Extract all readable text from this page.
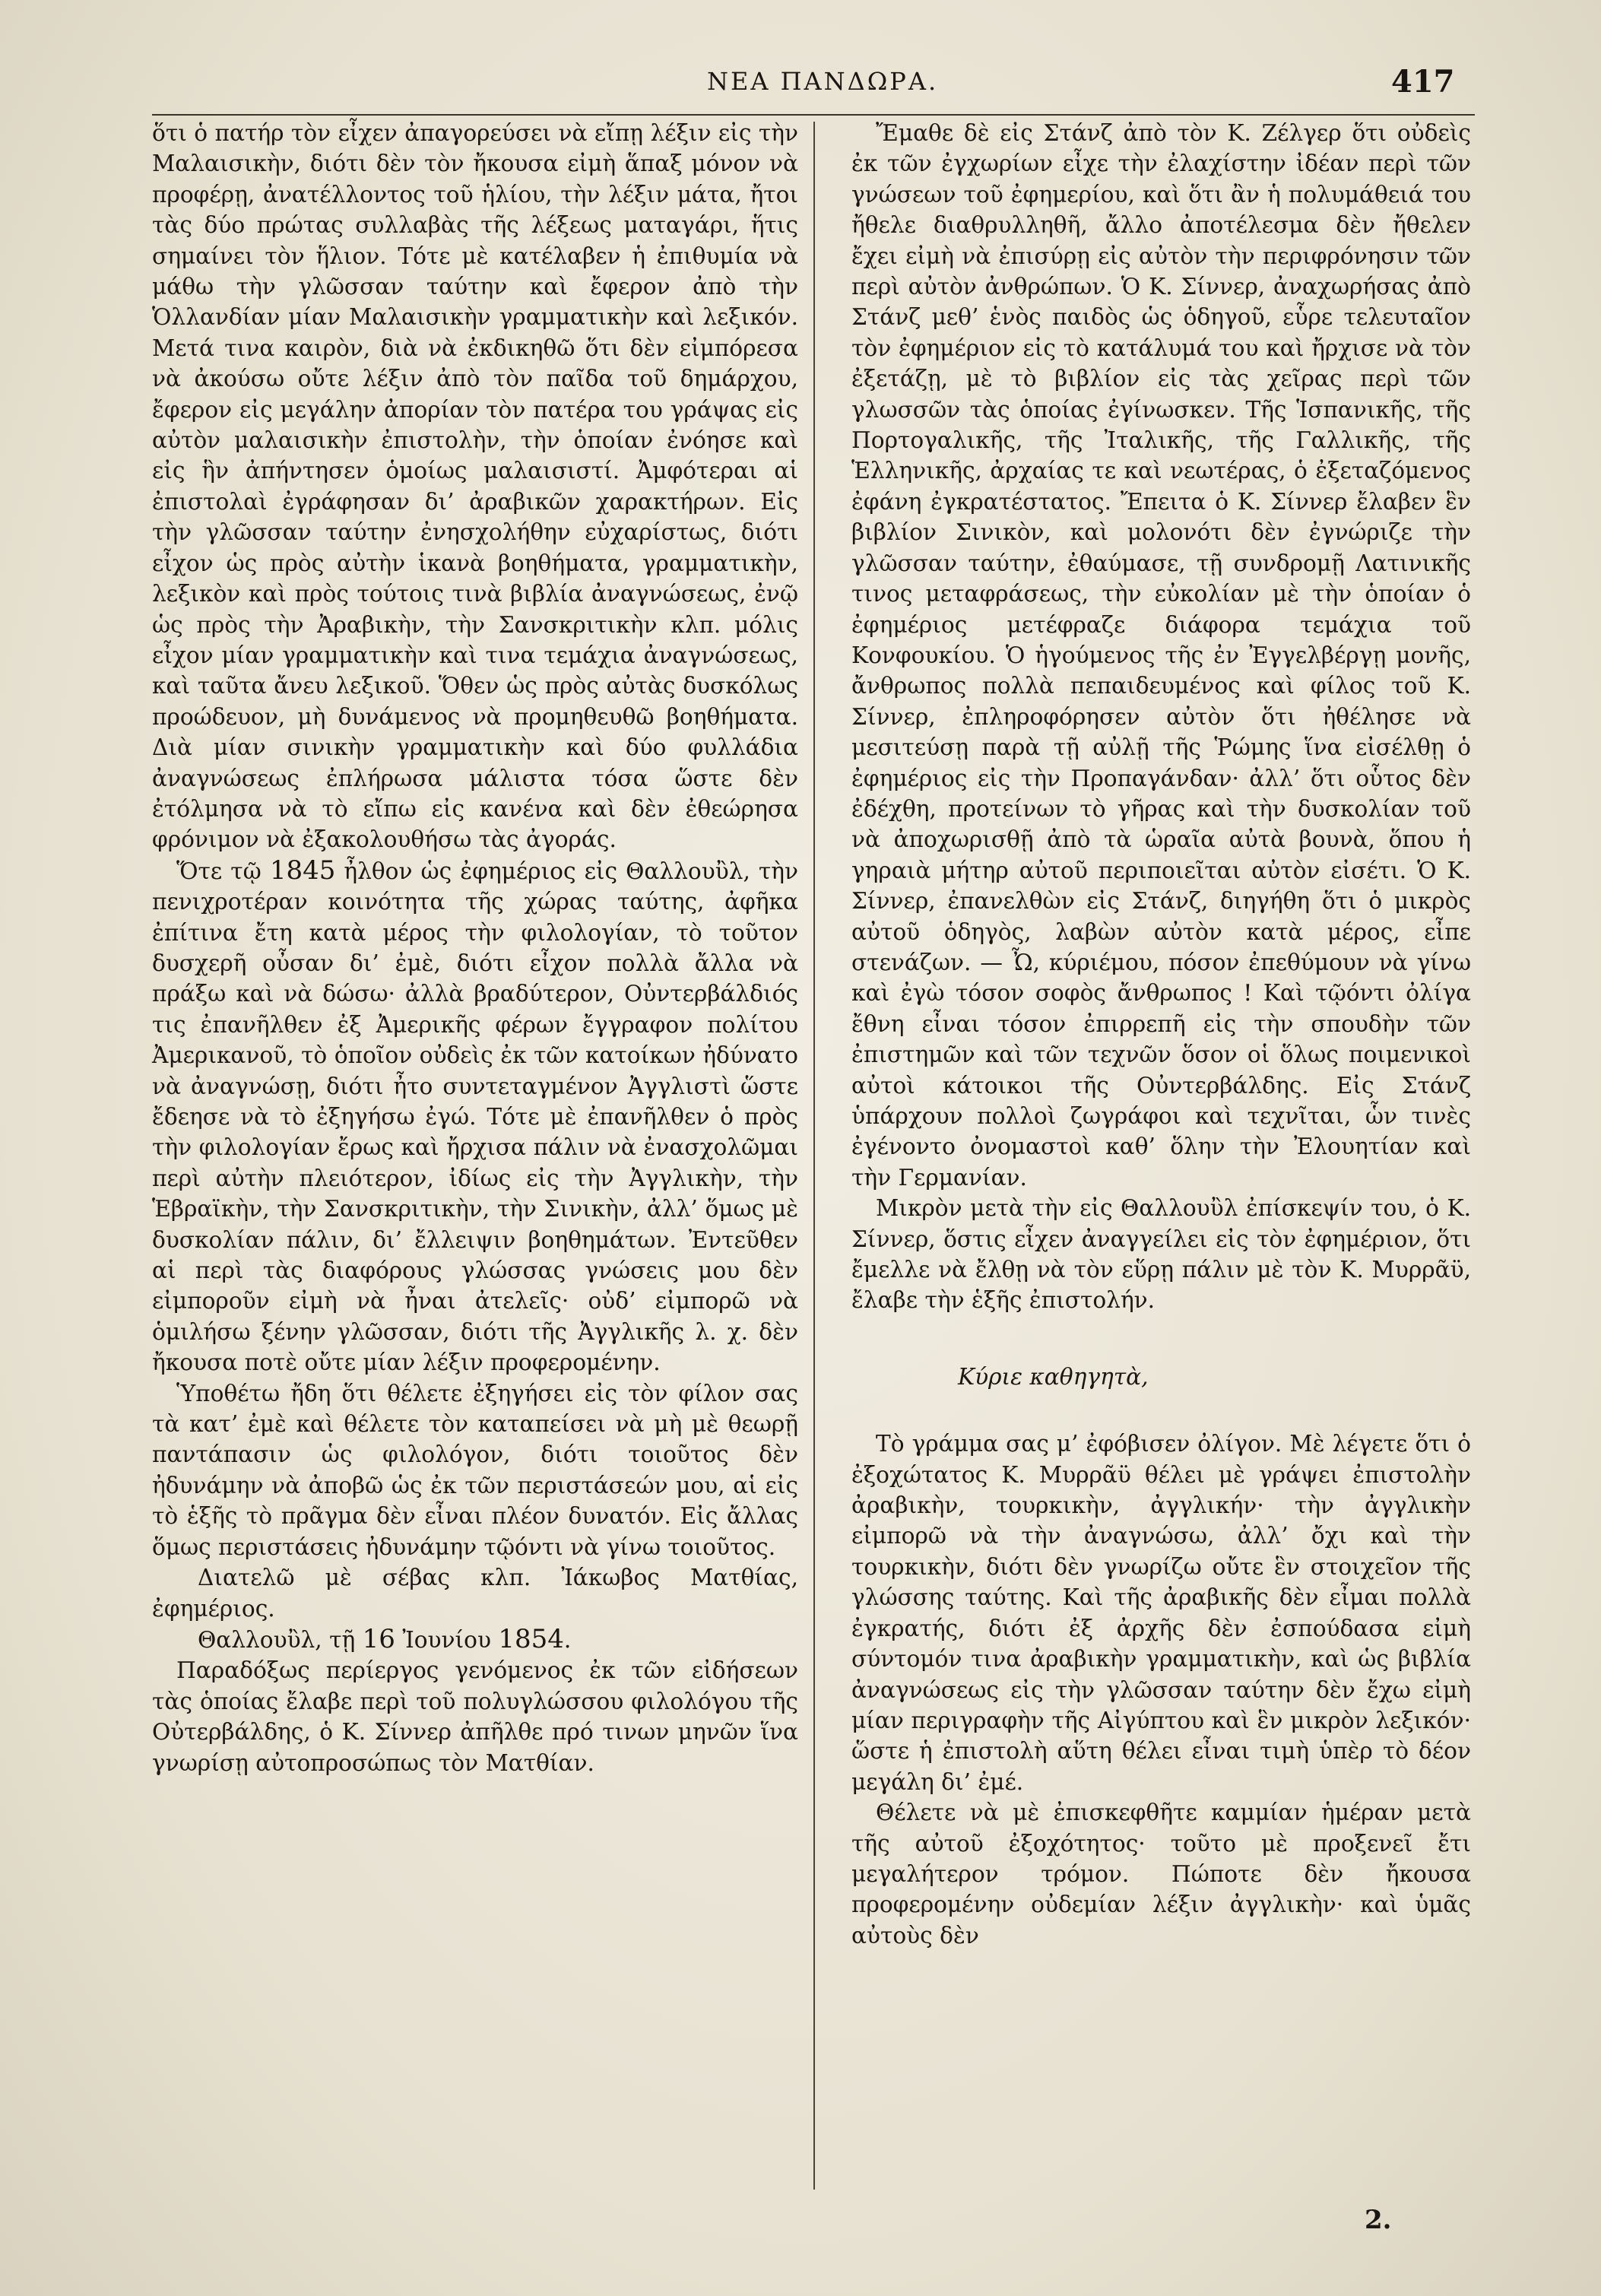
ΝΕΑ ΠΑΝΔΩΡΑ.	417

ὅτι ὁ πατήρ τὸν εἶχεν ἀπαγορεύσει νὰ εἴπῃ λέξιν εἰς τὴν Μαλαισικὴν, διότι δὲν τὸν ἤκουσα εἰμὴ ἅπαξ μόνον νὰ προφέρῃ, ἀνατέλλοντος τοῦ ἡλίου, τὴν λέξιν μάτα, ἤτοι τὰς δύο πρώτας συλλαβὰς τῆς λέξεως ματαγάρι, ἥτις σημαίνει τὸν ἥλιον. Τότε μὲ κατέλαβεν ἡ ἐπιθυμία νὰ μάθω τὴν γλῶσσαν ταύτην καὶ ἔφερον ἀπὸ τὴν Ὁλλανδίαν μίαν Μαλαισικὴν γραμματικὴν καὶ λεξικόν. Μετά τινα καιρὸν, διὰ νὰ ἐκδικηθῶ ὅτι δὲν εἰμπόρεσα νὰ ἀκούσω οὔτε λέξιν ἀπὸ τὸν παῖδα τοῦ δημάρχου, ἔφερον εἰς μεγάλην ἀπορίαν τὸν πατέρα του γράψας εἰς αὐτὸν μαλαισικὴν ἐπιστολὴν, τὴν ὁποίαν ἐνόησε καὶ εἰς ἣν ἀπήντησεν ὁμοίως μαλαισιστί. Ἀμφότεραι αἱ ἐπιστολαὶ ἐγράφησαν δι’ ἀραβικῶν χαρακτήρων. Εἰς τὴν γλῶσσαν ταύτην ἐνησχολήθην εὐχαρίστως, διότι εἶχον ὡς πρὸς αὐτὴν ἱκανὰ βοηθήματα, γραμματικὴν, λεξικὸν καὶ πρὸς τούτοις τινὰ βιβλία ἀναγνώσεως, ἐνῷ ὡς πρὸς τὴν Ἀραβικὴν, τὴν Σανσκριτικὴν κλπ. μόλις εἶχον μίαν γραμματικὴν καὶ τινα τεμάχια ἀναγνώσεως, καὶ ταῦτα ἄνευ λεξικοῦ. Ὅθεν ὡς πρὸς αὐτὰς δυσκόλως προώδευον, μὴ δυνάμενος νὰ προμηθευθῶ βοηθήματα. Διὰ μίαν σινικὴν γραμματικὴν καὶ δύο φυλλάδια ἀναγνώσεως ἐπλήρωσα μάλιστα τόσα ὥστε δὲν ἐτόλμησα νὰ τὸ εἴπω εἰς κανένα καὶ δὲν ἐθεώρησα φρόνιμον νὰ ἐξακολουθήσω τὰς ἀγοράς.

Ὅτε τῷ 1845 ἦλθον ὡς ἐφημέριος εἰς Θαλλουὒλ, τὴν πενιχροτέραν κοινότητα τῆς χώρας ταύτης, ἀφῆκα ἐπίτινα ἔτη κατὰ μέρος τὴν φιλολογίαν, τὸ τοῦτον δυσχερῆ οὖσαν δι’ ἐμὲ, διότι εἶχον πολλὰ ἄλλα νὰ πράξω καὶ νὰ δώσω· ἀλλὰ βραδύτερον, Οὐντερβάλδιός τις ἐπανῆλθεν ἐξ Ἀμερικῆς φέρων ἔγγραφον πολίτου Ἀμερικανοῦ, τὸ ὁποῖον οὐδεὶς ἐκ τῶν κατοίκων ἠδύνατο νὰ ἀναγνώσῃ, διότι ἦτο συντεταγμένον Ἀγγλιστὶ ὥστε ἔδεησε νὰ τὸ ἐξηγήσω ἐγώ. Τότε μὲ ἐπανῆλθεν ὁ πρὸς τὴν φιλολογίαν ἔρως καὶ ἤρχισα πάλιν νὰ ἐνασχολῶμαι περὶ αὐτὴν πλειότερον, ἰδίως εἰς τὴν Ἀγγλικὴν, τὴν Ἑβραϊκὴν, τὴν Σανσκριτικὴν, τὴν Σινικὴν, ἀλλ’ ὅμως μὲ δυσκολίαν πάλιν, δι’ ἔλλειψιν βοηθημάτων. Ἐντεῦθεν αἱ περὶ τὰς διαφόρους γλώσσας γνώσεις μου δὲν εἰμποροῦν εἰμὴ νὰ ἦναι ἀτελεῖς· οὐδ’ εἰμπορῶ νὰ ὁμιλήσω ξένην γλῶσσαν, διότι τῆς Ἀγγλικῆς λ. χ. δὲν ἤκουσα ποτὲ οὔτε μίαν λέξιν προφερομένην.

Ὑποθέτω ἤδη ὅτι θέλετε ἐξηγήσει εἰς τὸν φίλον σας τὰ κατ’ ἐμὲ καὶ θέλετε τὸν καταπείσει νὰ μὴ μὲ θεωρῇ παντάπασιν ὡς φιλολόγον, διότι τοιοῦτος δὲν ἠδυνάμην νὰ ἀποβῶ ὡς ἐκ τῶν περιστάσεών μου, αἱ εἰς τὸ ἑξῆς τὸ πρᾶγμα δὲν εἶναι πλέον δυνατόν. Εἰς ἄλλας ὅμως περιστάσεις ἠδυνάμην τῷόντι νὰ γίνω τοιοῦτος.

Διατελῶ μὲ σέβας κλπ. Ἰάκωβος Ματθίας, ἐφημέριος.

Θαλλουὒλ, τῇ 16 Ἰουνίου 1854.

Παραδόξως περίεργος γενόμενος ἐκ τῶν εἰδήσεων τὰς ὁποίας ἔλαβε περὶ τοῦ πολυγλώσσου φιλολόγου τῆς Οὐτερβάλδης, ὁ Κ. Σίννερ ἀπῆλθε πρό τινων μηνῶν ἵνα γνωρίσῃ αὐτοπροσώπως τὸν Ματθίαν.

Ἔμαθε δὲ εἰς Στάνζ ἀπὸ τὸν Κ. Ζέλγερ ὅτι οὐδεὶς ἐκ τῶν ἐγχωρίων εἶχε τὴν ἐλαχίστην ἰδέαν περὶ τῶν γνώσεων τοῦ ἐφημερίου, καὶ ὅτι ἂν ἡ πολυμάθειά του ἤθελε διαθρυλληθῆ, ἄλλο ἀποτέλεσμα δὲν ἤθελεν ἔχει εἰμὴ νὰ ἐπισύρῃ εἰς αὐτὸν τὴν περιφρόνησιν τῶν περὶ αὐτὸν ἀνθρώπων. Ὁ Κ. Σίννερ, ἀναχωρήσας ἀπὸ Στάνζ μεθ’ ἑνὸς παιδὸς ὡς ὁδηγοῦ, εὗρε τελευταῖον τὸν ἐφημέριον εἰς τὸ κατάλυμά του καὶ ἤρχισε νὰ τὸν ἐξετάζῃ, μὲ τὸ βιβλίον εἰς τὰς χεῖρας περὶ τῶν γλωσσῶν τὰς ὁποίας ἐγίνωσκεν. Τῆς Ἱσπανικῆς, τῆς Πορτογαλικῆς, τῆς Ἰταλικῆς, τῆς Γαλλικῆς, τῆς Ἑλληνικῆς, ἀρχαίας τε καὶ νεωτέρας, ὁ ἐξεταζόμενος ἐφάνη ἐγκρατέστατος. Ἔπειτα ὁ Κ. Σίννερ ἔλαβεν ἓν βιβλίον Σινικὸν, καὶ μολονότι δὲν ἐγνώριζε τὴν γλῶσσαν ταύτην, ἐθαύμασε, τῇ συνδρομῇ Λατινικῆς τινος μεταφράσεως, τὴν εὐκολίαν μὲ τὴν ὁποίαν ὁ ἐφημέριος μετέφραζε διάφορα τεμάχια τοῦ Κονφουκίου. Ὁ ἡγούμενος τῆς ἐν Ἐγγελβέργῃ μονῆς, ἄνθρωπος πολλὰ πεπαιδευμένος καὶ φίλος τοῦ Κ. Σίννερ, ἐπληροφόρησεν αὐτὸν ὅτι ἠθέλησε νὰ μεσιτεύσῃ παρὰ τῇ αὐλῇ τῆς Ῥώμης ἵνα εἰσέλθῃ ὁ ἐφημέριος εἰς τὴν Προπαγάνδαν· ἀλλ’ ὅτι οὗτος δὲν ἐδέχθη, προτείνων τὸ γῆρας καὶ τὴν δυσκολίαν τοῦ νὰ ἀποχωρισθῇ ἀπὸ τὰ ὡραῖα αὐτὰ βουνὰ, ὅπου ἡ γηραιὰ μήτηρ αὐτοῦ περιποιεῖται αὐτὸν εἰσέτι. Ὁ Κ. Σίννερ, ἐπανελθὼν εἰς Στάνζ, διηγήθη ὅτι ὁ μικρὸς αὐτοῦ ὁδηγὸς, λαβὼν αὐτὸν κατὰ μέρος, εἶπε στενάζων. — Ὦ, κύριέμου, πόσον ἐπεθύμουν νὰ γίνω καὶ ἐγὼ τόσον σοφὸς ἄνθρωπος ! Καὶ τῷόντι ὀλίγα ἔθνη εἶναι τόσον ἐπιρρεπῆ εἰς τὴν σπουδὴν τῶν ἐπιστημῶν καὶ τῶν τεχνῶν ὅσον οἱ ὅλως ποιμενικοὶ αὐτοὶ κάτοικοι τῆς Οὐντερβάλδης. Εἰς Στάνζ ὑπάρχουν πολλοὶ ζωγράφοι καὶ τεχνῖται, ὧν τινὲς ἐγένοντο ὀνομαστοὶ καθ’ ὅλην τὴν Ἐλουητίαν καὶ τὴν Γερμανίαν.

Μικρὸν μετὰ τὴν εἰς Θαλλουὒλ ἐπίσκεψίν του, ὁ Κ. Σίννερ, ὅστις εἶχεν ἀναγγείλει εἰς τὸν ἐφημέριον, ὅτι ἔμελλε νὰ ἔλθῃ νὰ τὸν εὕρῃ πάλιν μὲ τὸν Κ. Μυρρᾶϋ, ἔλαβε τὴν ἑξῆς ἐπιστολήν.

Κύριε καθηγητὰ,

Τὸ γράμμα σας μ’ ἐφόβισεν ὀλίγον. Μὲ λέγετε ὅτι ὁ ἐξοχώτατος Κ. Μυρρᾶϋ θέλει μὲ γράψει ἐπιστολὴν ἀραβικὴν, τουρκικὴν, ἀγγλικήν· τὴν ἀγγλικὴν εἰμπορῶ νὰ τὴν ἀναγνώσω, ἀλλ’ ὄχι καὶ τὴν τουρκικὴν, διότι δὲν γνωρίζω οὔτε ἓν στοιχεῖον τῆς γλώσσης ταύτης. Καὶ τῆς ἀραβικῆς δὲν εἶμαι πολλὰ ἐγκρατής, διότι ἐξ ἀρχῆς δὲν ἐσπούδασα εἰμὴ σύντομόν τινα ἀραβικὴν γραμματικὴν, καὶ ὡς βιβλία ἀναγνώσεως εἰς τὴν γλῶσσαν ταύτην δὲν ἔχω εἰμὴ μίαν περιγραφὴν τῆς Αἰγύπτου καὶ ἓν μικρὸν λεξικόν· ὥστε ἡ ἐπιστολὴ αὕτη θέλει εἶναι τιμὴ ὑπὲρ τὸ δέον μεγάλη δι’ ἐμέ.

Θέλετε νὰ μὲ ἐπισκεφθῆτε καμμίαν ἡμέραν μετὰ τῆς αὐτοῦ ἐξοχότητος· τοῦτο μὲ προξενεῖ ἔτι μεγαλήτερον τρόμον. Πώποτε δὲν ἤκουσα προφερομένην οὐδεμίαν λέξιν ἀγγλικὴν· καὶ ὑμᾶς αὐτοὺς δὲν

2.
